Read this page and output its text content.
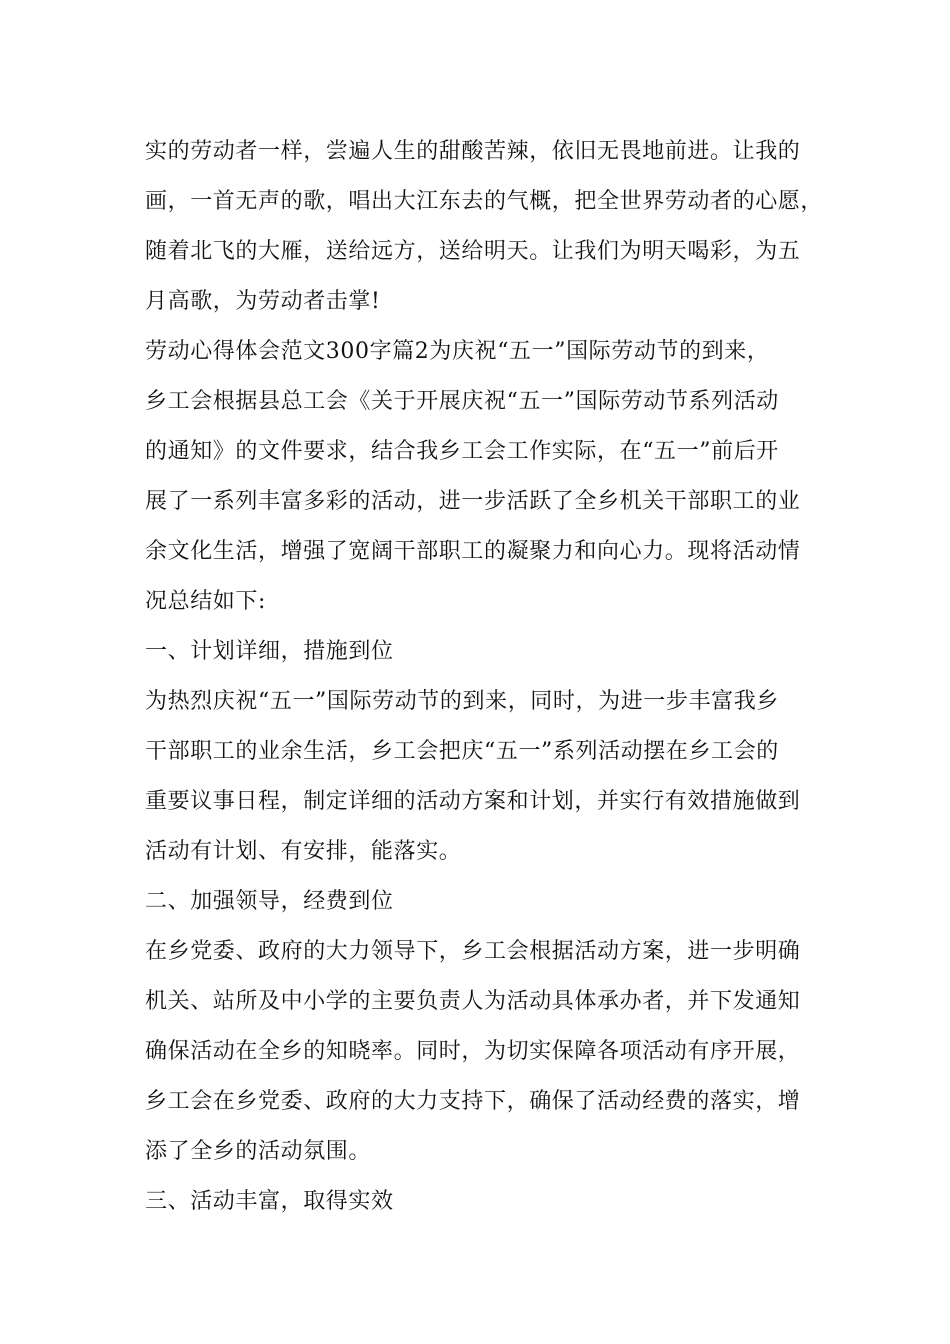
实的劳动者一样，尝遍人生的甜酸苦辣，依旧无畏地前进。让我的

画，一首无声的歌，唱出大江东去的气概，把全世界劳动者的心愿，

随着北飞的大雁，送给远方，送给明天。让我们为明天喝彩，为五

月高歌，为劳动者击掌!

劳动心得体会范文300字篇2为庆祝“五一”国际劳动节的到来，

乡工会根据县总工会《关于开展庆祝“五一”国际劳动节系列活动

的通知》的文件要求，结合我乡工会工作实际，在“五一”前后开

展了一系列丰富多彩的活动，进一步活跃了全乡机关干部职工的业

余文化生活，增强了宽阔干部职工的凝聚力和向心力。现将活动情

况总结如下:

一、计划详细，措施到位

为热烈庆祝“五一”国际劳动节的到来，同时，为进一步丰富我乡

干部职工的业余生活，乡工会把庆“五一”系列活动摆在乡工会的

重要议事日程，制定详细的活动方案和计划，并实行有效措施做到

活动有计划、有安排，能落实。

二、加强领导，经费到位

在乡党委、政府的大力领导下，乡工会根据活动方案，进一步明确

机关、站所及中小学的主要负责人为活动具体承办者，并下发通知

确保活动在全乡的知晓率。同时，为切实保障各项活动有序开展，

乡工会在乡党委、政府的大力支持下，确保了活动经费的落实，增

添了全乡的活动氛围。

三、活动丰富，取得实效
